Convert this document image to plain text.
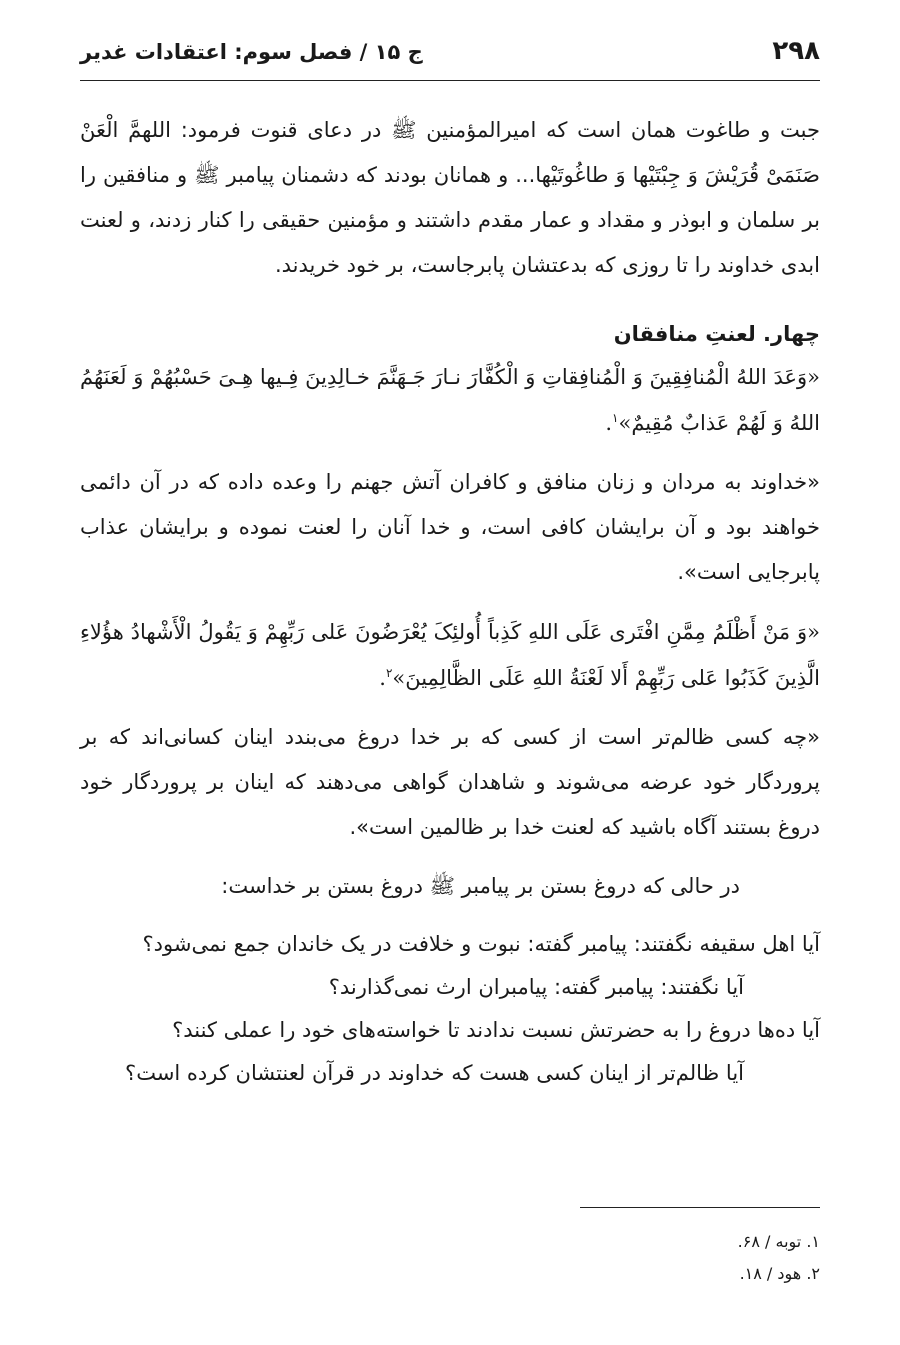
۲۹۸
ج ۱۵ / فصل سوم: اعتقادات غدیر

جبت و طاغوت همان است که امیرالمؤمنین ﷺ در دعای قنوت فرمود: اللهمَّ الْعَنْ صَنَمَیْ قُرَیْشَ وَ جِبْتَیْها وَ طاغُوتَیْها... و همانان بودند که دشمنان پیامبر ﷺ و منافقین را بر سلمان و ابوذر و مقداد و عمار مقدم داشتند و مؤمنین حقیقی را کنار زدند، و لعنت ابدی خداوند را تا روزی که بدعتشان پابرجاست، بر خود خریدند.

چهار. لعنتِ منافقان

«وَعَدَ اللهُ الْمُنافِقِینَ وَ الْمُنافِقاتِ وَ الْکُفَّارَ نـارَ جَـهَنَّمَ خـالِدِینَ فِـیها هِـیَ حَسْبُهُمْ وَ لَعَنَهُمُ اللهُ وَ لَهُمْ عَذابٌ مُقِیمٌ»$^۱$.

«خداوند به مردان و زنان منافق و کافران آتش جهنم را وعده داده که در آن دائمی خواهند بود و آن برایشان کافی است، و خدا آنان را لعنت نموده و برایشان عذاب پابرجایی است».

«وَ مَنْ أَظْلَمُ مِمَّنِ افْتَری عَلَی اللهِ کَذِباً أُولئِکَ یُعْرَضُونَ عَلی رَبِّهِمْ وَ یَقُولُ الْأَشْهادُ هؤُلاءِ الَّذِینَ کَذَبُوا عَلی رَبِّهِمْ أَلا لَعْنَةُ اللهِ عَلَی الظَّالِمِینَ»$^۲$.

«چه کسی ظالم‌تر است از کسی که بر خدا دروغ می‌بندد اینان کسانی‌اند که بر پروردگار خود عرضه می‌شوند و شاهدان گواهی می‌دهند که اینان بر پروردگار خود دروغ بستند آگاه باشید که لعنت خدا بر ظالمین است».

در حالی که دروغ بستن بر پیامبر ﷺ دروغ بستن بر خداست:

آیا اهل سقیفه نگفتند: پیامبر گفته: نبوت و خلافت در یک خاندان جمع نمی‌شود؟
آیا نگفتند: پیامبر گفته: پیامبران ارث نمی‌گذارند؟
آیا ده‌ها دروغ را به حضرتش نسبت ندادند تا خواسته‌های خود را عملی کنند؟
آیا ظالم‌تر از اینان کسی هست که خداوند در قرآن لعنتشان کرده است؟
۱. توبه / ۶۸.
۲. هود / ۱۸.
